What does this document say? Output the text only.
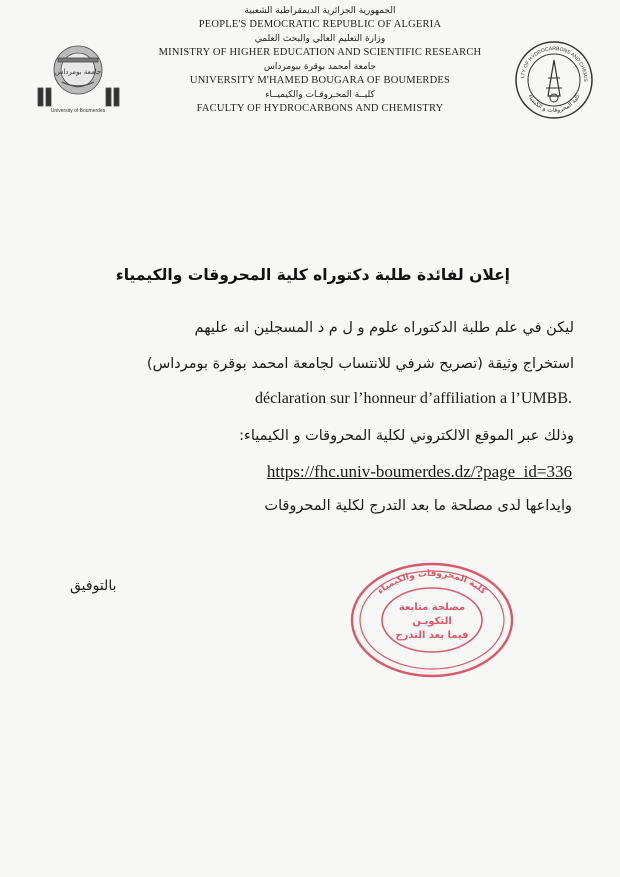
جامعة بومرداس
University of Boumerdes
الجمهورية الجزائرية الديمقراطية الشعبية
PEOPLE'S DEMOCRATIC REPUBLIC OF ALGERIA
وزارة التعليم العالي والبحث العلمي
MINISTRY OF HIGHER EDUCATION AND SCIENTIFIC RESEARCH
جامعة أمحمد بوقرة ببومرداس
UNIVERSITY M'HAMED BOUGARA OF BOUMERDES
كليــة المحـروقـات والكيميــاء
FACULTY OF HYDROCARBONS AND CHEMISTRY
LTY OF HYDROCARBONS AND CHEMIS
كلية المحروقات و الكيمياء
إعلان لفائدة طلبة دكتوراه كلية المحروقات والكيمياء
ليكن في علم طلبة الدكتوراه علوم و ل م د المسجلين انه عليهم
استخراج وثيقة (تصريح شرفي للانتساب لجامعة امحمد بوقرة بومرداس)
déclaration sur l’honneur d’affiliation a l’UMBB.
وذلك عبر الموقع الالكتروني لكلية المحروقات و الكيمياء:
https://fhc.univ-boumerdes.dz/?page_id=336
وايداعها لدى مصلحة ما بعد التدرج لكلية المحروقات
بالتوفيق	كلية المحروقات والكيمياء
مصلحة متابعة
التكويـن
فيما بعد التدرج
